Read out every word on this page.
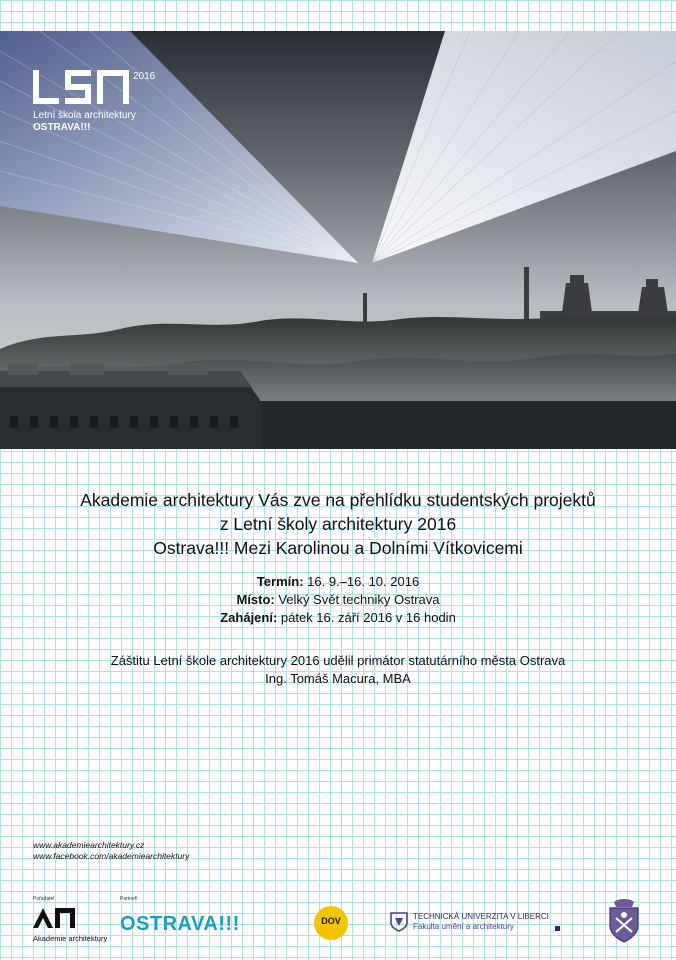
2016
Letní škola architektury
OSTRAVA!!!
Akademie architektury Vás zve na přehlídku studentských projektů
z Letní školy architektury 2016
Ostrava!!! Mezi Karolinou a Dolními Vítkovicemi
Termín: 16. 9.–16. 10. 2016
Místo: Velký Svět techniky Ostrava
Zahájení: pátek 16. září 2016 v 16 hodin
Záštitu Letní škole architektury 2016 udělil primátor statutárního města Ostrava
Ing. Tomáš Macura, MBA
www.akademiearchitektury.cz
www.facebook.com/akademiearchitektury
Pořadatel	Partneři
Akademie architektury
OSTRAVA!!!	DOV	TECHNICKÁ UNIVERZITA V LIBERCI
Fakulta umění a architektury
